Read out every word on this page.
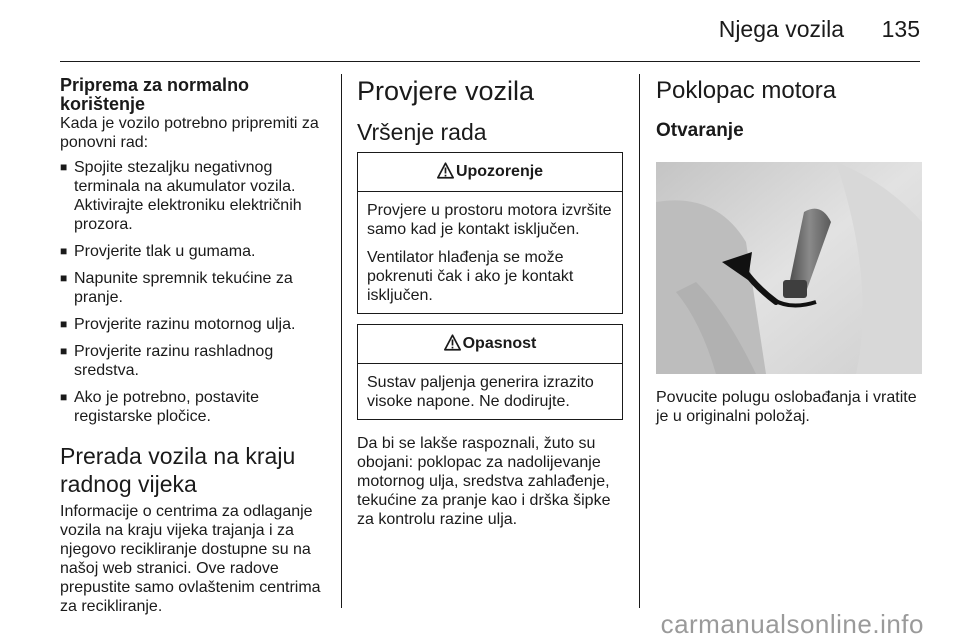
Njega vozila 135

Priprema za normalno korištenje

Kada je vozilo potrebno pripremiti za ponovni rad:

■ Spojite stezaljku negativnog terminala na akumulator vozila. Aktivirajte elektroniku električnih prozora.
■ Provjerite tlak u gumama.
■ Napunite spremnik tekućine za pranje.
■ Provjerite razinu motornog ulja.
■ Provjerite razinu rashladnog sredstva.
■ Ako je potrebno, postavite registarske pločice.

Prerada vozila na kraju radnog vijeka

Informacije o centrima za odlaganje vozila na kraju vijeka trajanja i za njegovo recikliranje dostupne su na našoj web stranici. Ove radove prepustite samo ovlaštenim centrima za recikliranje.

Provjere vozila

Vršenje rada

Upozorenje

Provjere u prostoru motora izvršite samo kad je kontakt isključen.

Ventilator hlađenja se može pokrenuti čak i ako je kontakt isključen.

Opasnost

Sustav paljenja generira izrazito visoke napone. Ne dodirujte.

Da bi se lakše raspoznali, žuto su obojani: poklopac za nadolijevanje motornog ulja, sredstva zahlađenje, tekućine za pranje kao i drška šipke za kontrolu razine ulja.

Poklopac motora

Otvaranje

Povucite polugu oslobađanja i vratite je u originalni položaj.

carmanualsonline.info
